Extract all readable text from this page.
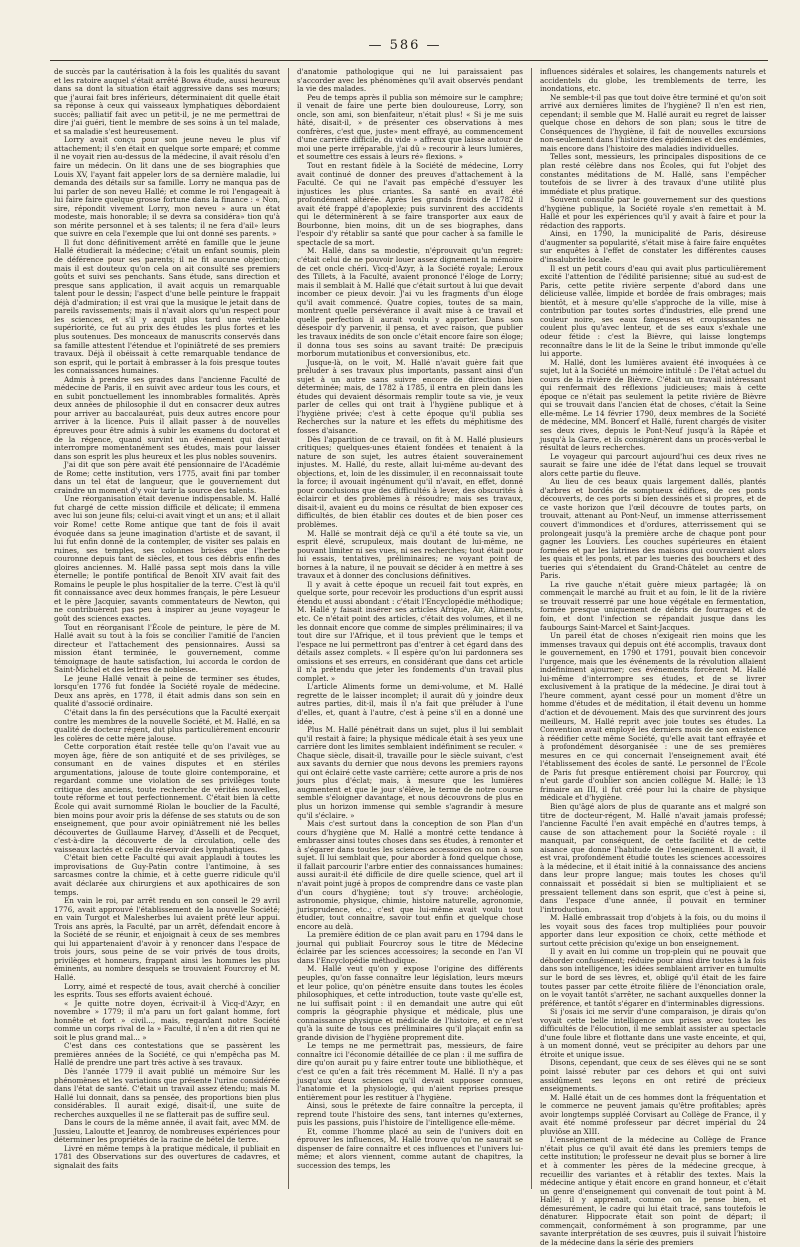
— 586 —

de succès par la cautérisation à la fois les qualités du savant et les ratoire auquel s'était arrêté Bowa étude, aussi heureux dans sa dont la situation était aggressive dans ses mœurs; que j'aurai fait bres inférieurs, déterminaient dit quelle était sa réponse à ceux qui vaisseaux lymphatiques débordaient succès; palliatif fait avec un petit-il, je ne me permettrai de dire j'ai guéri, tient le membre de ses soins à un tel malade, et sa maladie s'est heureusement.

Lorry avait conçu pour son jeune neveu le plus vif attachement; il s'en était en quelque sorte emparé; et comme il ne voyait rien au-dessus de la médecine, il avait résolu d'en faire un médecin. On lit dans une de ses biographies que Louis XV, l'ayant fait appeler lors de sa dernière maladie, lui demanda des détails sur sa famille. Lorry ne manqua pas de lui parler de son neveu Hallé; et comme le roi l'engageait à lui faire faire quelque grosse fortune dans la finance : « Non, sire, répondit vivement Lorry, mon neveu » aura un état modeste, mais honorable; il se devra sa considéra» tion qu'à son mérite personnel et à ses talents; il ne fera d'ail» leurs que suivre en cela l'exemple que lui ont donné ses parents. »

Il fut donc définitivement arrêté en famille que le jeune Hallé étudierait la médecine; c'était un enfant soumis, plein de déférence pour ses parents; il ne fit aucune objection; mais il est douteux qu'on cela on ait consulté ses premiers goûts et suivi ses penchants. Sans étude, sans direction et presque sans application, il avait acquis un remarquable talent pour le dessin; l'aspect d'une belle peinture le frappait déjà d'admiration; il est vrai que la musique le jetait dans de pareils ravissements; mais il n'avait alors qu'un respect pour les sciences, et s'il y acquit plus tard une véritable supériorité, ce fut au prix des études les plus fortes et les plus soutenues. Des monceaux de manuscrits conservés dans sa famille attestent l'étendue et l'opiniâtreté de ses premiers travaux. Déjà il obéissait à cette remarquable tendance de son esprit, qui le portait à embrasser à la fois presque toutes les connaissances humaines.

Admis à prendre ses grades dans l'ancienne Faculté de médecine de Paris, il en suivit avec ardeur tous les cours, et en subit ponctuellement les innombrables formalités. Après deux années de philosophie il dut en consacrer deux autres pour arriver au baccalauréat, puis deux autres encore pour arriver à la licence. Puis il allait passer à de nouvelles épreuves pour être admis à subir les examens du doctorat et de la régence, quand survint un événement qui devait interrompre momentanément ses études, mais pour laisser dans son esprit les plus heureux et les plus nobles souvenirs.

J'ai dit que son père avait été pensionnaire de l'Académie de Rome; cette institution, vers 1775, avait fini par tomber dans un tel état de langueur, que le gouvernement dut craindre un moment d'y voir tarir la source des talents.

Une réorganisation était devenue indispensable. M. Hallé fut chargé de cette mission difficile et délicate; il emmena avec lui son jeune fils; celui-ci avait vingt et un ans; et il allait voir Rome! cette Rome antique que tant de fois il avait évoquée dans sa jeune imagination d'artiste et de savant, il lui fut enfin donné de la contempler, de visiter ses palais en ruines, ses temples, ses colonnes brisées que l'herbe couronne depuis tant de siècles, et tous ces débris enfin des gloires anciennes. M. Hallé passa sept mois dans la ville éternelle; le pontife pontifical de Benoît XIV avait fait des Romains le peuple le plus hospitalier de la terre. C'est là qu'il fit connaissance avec deux hommes français, le père Lesueur et le père Jacquier, savants commentateurs de Newton, qui ne contribuèrent pas peu à inspirer au jeune voyageur le goût des sciences exactes.

Tout en réorganisant l'École de peinture, le père de M. Hallé avait su tout à la fois se concilier l'amitié de l'ancien directeur et l'attachement des pensionnaires. Aussi sa mission étant terminée, le gouvernement, comme témoignage de haute satisfaction, lui accorda le cordon de Saint-Michel et des lettres de noblesse.

Le jeune Hallé venait à peine de terminer ses études, lorsqu'en 1776 fut fondée la Société royale de médecine. Deux ans après, en 1778, il était admis dans son sein en qualité d'associé ordinaire.

C'était dans la fin des persécutions que la Faculté exerçait contre les membres de la nouvelle Société, et M. Hallé, en sa qualité de docteur régent, dut plus particulièrement encourir les colères de cette mère jalouse.

Cette corporation était restée telle qu'on l'avait vue au moyen âge, fière de son antiquité et de ses privilèges, se consumant en de vaines disputes et en stériles argumentations, jalouse de toute gloire contemporaine, et regardant comme une violation de ses privilèges toute critique des anciens, toute recherche de vérités nouvelles, toute réforme et tout perfectionnement. C'était bien là cette École qui avait surnommé Riolan le bouclier de la Faculté, bien moins pour avoir pris la défense de ses statuts ou de son enseignement, que pour avoir opiniâtrement nié les belles découvertes de Guillaume Harvey, d'Asselli et de Pecquet, c'est-à-dire la découverte de la circulation, celle des vaisseaux lactés et celle du réservoir des lymphatiques.

C'était bien cette Faculté qui avait applaudi à toutes les improvisations de Guy-Patin contre l'antimoine, à ses sarcasmes contre la chimie, et à cette guerre ridicule qu'il avait déclarée aux chirurgiens et aux apothicaires de son temps.

En vain le roi, par arrêt rendu en son conseil le 29 avril 1776, avait approuvé l'établissement de la nouvelle Société; en vain Turgot et Malesherbes lui avaient prêté leur appui. Trois ans après, la Faculté, par un arrêt, défendait encore à la Société de se réunir, et enjoignait à ceux de ses membres qui lui appartenaient d'avoir à y renoncer dans l'espace de trois jours, sous peine de se voir privés de tous droits, privilèges et honneurs, frappant ainsi les hommes les plus éminents, au nombre desquels se trouvaient Fourcroy et M. Hallé.

Lorry, aimé et respecté de tous, avait cherché à concilier les esprits. Tous ses efforts avaient échoué.

« Je quitte notre doyen, écrivait-il à Vicq-d'Azyr, en novembre » 1779; il m'a paru un fort galant homme, fort honnête et fort » civil..., mais, regardant notre Société comme un corps rival de la » Faculté, il n'en a dit rien qui ne soit le plus grand mal... »

C'est dans ces contestations que se passèrent les premières années de la Société, ce qui n'empêcha pas M. Hallé de prendre une part très active à ses travaux.

Dès l'année 1779 il avait publié un mémoire Sur les phénomènes et les variations que présente l'urine considérée dans l'état de santé. C'était un travail assez étendu; mais M. Hallé lui donnait, dans sa pensée, des proportions bien plus considérables. Il aurait exigé, disait-il, une suite de recherches auxquelles il ne se flatterait pas de suffire seul.

Dans le cours de la même année, il avait fait, avec MM. de Jussieu, Laloutte et Jeanroy, de nombreuses expériences pour déterminer les propriétés de la racine de bétel de terre.

Livré en même temps à la pratique médicale, il publiait en 1781 des Observations sur des ouvertures de cadavres, et signalait des faits

d'anatomie pathologique qui ne lui paraissaient pas s'accorder avec les phénomènes qu'il avait observés pendant la vie des malades.

Peu de temps après il publia son mémoire sur le camphre; il venait de faire une perte bien douloureuse, Lorry, son oncle, son ami, son bienfaiteur, n'était plus! « Si je me suis hâté, disait-il, » de présenter ces observations à mes confrères, c'est que, juste» ment effrayé, au commencement d'une carrière difficile, du vide » affreux que laisse autour de moi une perte irréparable, j'ai dû » recourir à leurs lumières, et soumettre ces essais à leurs ré» flexions. »

Tout en restant fidèle à la Société de médecine, Lorry avait continué de donner des preuves d'attachement à la Faculté. Ce qui ne l'avait pas empêché d'essuyer les injustices les plus criantes. Sa santé en avait été profondément altérée. Après les grands froids de 1782 il avait été frappé d'apoplexie; puis survinrent des accidents qui le déterminèrent à se faire transporter aux eaux de Bourbonne, bien moins, dit un de ses biographes, dans l'espoir d'y rétablir sa santé que pour cacher à sa famille le spectacle de sa mort.

M. Hallé, dans sa modestie, n'éprouvait qu'un regret: c'était celui de ne pouvoir louer assez dignement la mémoire de cet oncle chéri. Vicq-d'Azyr, à la Société royale; Leroux des Tillets, à la Faculté, avaient prononcé l'éloge de Lorry; mais il semblait à M. Hallé que c'était surtout à lui que devait incomber ce pieux devoir. J'ai vu les fragments d'un éloge qu'il avait commencé. Quatre copies, toutes de sa main, montrent quelle persévérance il avait mise à ce travail et quelle perfection il aurait voulu y apporter. Dans son désespoir d'y parvenir, il pensa, et avec raison, que publier les travaux inédits de son oncle c'était encore faire son éloge; il donna tous ses soins au savant traité: De præcipuis morborum mutationibus et conversionibus, etc.

Jusque-là, on le voit, M. Hallé n'avait guère fait que préluder à ses travaux plus importants, passant ainsi d'un sujet à un autre sans suivre encore de direction bien déterminée; mais, de 1782 à 1785, il entra en plein dans les études qui devaient désormais remplir toute sa vie, je veux parler de celles qui ont trait à l'hygiène publique et à l'hygiène privée; c'est à cette époque qu'il publia ses Recherches sur la nature et les effets du méphitisme des fosses d'aisance.

Dès l'apparition de ce travail, on fit à M. Hallé plusieurs critiques; quelques-unes étaient fondées et tenaient à la nature de son sujet, les autres étaient souverainement injustes. M. Hallé, du reste, allait lui-même au-devant des objections, et, loin de les dissimuler, il en reconnaissait toute la force; il avouait ingénument qu'il n'avait, en effet, donné pour conclusions que des difficultés à lever, des obscurités à éclaircir et des problèmes à résoudre; mais ses travaux, disait-il, avaient eu du moins ce résultat de bien exposer ces difficultés, de bien établir ces doutes et de bien poser ces problèmes.

M. Hallé se montrait déjà ce qu'il a été toute sa vie, un esprit élevé, scrupuleux, mais doutant de lui-même, ne pouvant limiter ni ses vues, ni ses recherches; tout était pour lui essais, tentatives, préliminaires; ne voyant point de bornes à la nature, il ne pouvait se décider à en mettre à ses travaux et à donner des conclusions définitives.

Il y avait à cette époque un recueil fait tout exprès, en quelque sorte, pour recevoir les productions d'un esprit aussi étendu et aussi abondant : c'était l'Encyclopédie méthodique; M. Hallé y faisait insérer ses articles Afrique, Air, Aliments, etc. Ce n'était point des articles, c'était des volumes, et il ne les donnait encore que comme de simples préliminaires; il va tout dire sur l'Afrique, et il tous prévient que le temps et l'espace ne lui permettront pas d'entrer à cet égard dans des détails assez complets. « Il espère qu'on lui pardonnera ses omissions et ses erreurs, en considérant que dans cet article il n'a prétendu que jeter les fondements d'un travail plus complet. »

L'article Aliments forme un demi-volume, et M. Hallé regrette de le laisser incomplet; il aurait dû y joindre deux autres parties, dit-il, mais il n'a fait que préluder à l'une d'elles, et, quant à l'autre, c'est à peine s'il en a donné une idée.

Plus M. Hallé pénétrait dans un sujet, plus il lui semblait qu'il restait à faire; la physique médicale était à ses yeux une carrière dont les limites semblaient indéfiniment se reculer. « Chaque siècle, disait-il, travaille pour le siècle suivant, c'est aux savants du dernier que nous devons les premiers rayons qui ont éclairé cette vaste carrière; cette aurore a pris de nos jours plus d'éclat; mais, à mesure que les lumières augmentent et que le jour s'élève, le terme de notre course semble s'éloigner davantage, et nous découvrons de plus en plus un horizon immense qui semble s'agrandir à mesure qu'il s'éclaire. »

Mais c'est surtout dans la conception de son Plan d'un cours d'hygiène que M. Hallé a montré cette tendance à embrasser ainsi toutes choses dans ses études, à remonter et à s'égarer dans toutes les sciences accessoires ou non à son sujet. Il lui semblait que, pour aborder à fond quelque chose, il fallait parcourir l'arbre entier des connaissances humaines: aussi aurait-il été difficile de dire quelle science, quel art il n'avait point jugé à propos de comprendre dans ce vaste plan d'un cours d'hygiène; tout s'y trouve: archéologie, astronomie, physique, chimie, histoire naturelle, agronomie, jurisprudence, etc.; c'est que lui-même avait voulu tout étudier, tout connaître, savoir tout enfin et quelque chose encore au delà.

La première édition de ce plan avait paru en 1794 dans le journal qui publiait Fourcroy sous le titre de Médecine éclairée par les sciences accessoires; la seconde en l'an VI dans l'Encyclopédie méthodique.

M. Hallé veut qu'on y expose l'origine des différents peuples, qu'on fasse connaître leur législation, leurs mœurs et leur police, qu'on pénètre ensuite dans toutes les écoles philosophiques, et cette introduction, toute vaste qu'elle est, ne lui suffisait point : il en demandait une autre qui eût compris la géographie physique et médicale, plus une connaissance physique et médicale de l'histoire, et ce n'est qu'à la suite de tous ces préliminaires qu'il plaçait enfin sa grande division de l'hygiène proprement dite.

Le temps ne me permettrait pas, messieurs, de faire connaître ici l'économie détaillée de ce plan : il me suffira de dire qu'on aurait pu y faire entrer toute une bibliothèque, et c'est ce qu'en a fait très récemment M. Hallé. Il n'y a pas jusqu'aux deux sciences qu'il devait supposer connues, l'anatomie et la physiologie, qui n'aient reprises presque entièrement pour les restituer à l'hygiène.

Ainsi, sous le prétexte de faire connaître la percepta, il reprend toute l'histoire des sens, tant internes qu'externes, puis les passions, puis l'histoire de l'intelligence elle-même.

Et, comme l'homme placé au sein de l'univers doit en éprouver les influences, M. Hallé trouve qu'on ne saurait se dispenser de faire connaître et ces influences et l'univers lui-même; et alors viennent, comme autant de chapitres, la succession des temps, les

influences sidérales et solaires, les changements naturels et accidentels du globe, les tremblements de terre, les inondations, etc.

Ne semble-t-il pas que tout doive être terminé et qu'on soit arrivé aux dernières limites de l'hygiène? Il n'en est rien, cependant; il semble que M. Hallé aurait eu regret de laisser quelque chose en dehors de son plan; sous le titre de Conséquences de l'hygiène, il fait de nouvelles excursions non-seulement dans l'histoire des épidémies et des endémies, mais encore dans l'histoire des maladies individuelles.

Telles sont, messieurs, les principales dispositions de ce plan resté célèbre dans nos Écoles, qui fut l'objet des constantes méditations de M. Hallé, sans l'empêcher toutefois de se livrer à des travaux d'une utilité plus immédiate et plus pratique.

Souvent consulté par le gouvernement sur des questions d'hygiène publique, la Société royale s'en remettait à M. Hallé et pour les expériences qu'il y avait à faire et pour la rédaction des rapports.

Ainsi, en 1790, la municipalité de Paris, désireuse d'augmenter sa popularité, s'était mise à faire faire enquêtes sur enquêtes à l'effet de constater les différentes causes d'insalubrité locale.

Il est un petit cours d'eau qui avait plus particulièrement excité l'attention de l'édilité parisienne; situé au sud-est de Paris, cette petite rivière serpente d'abord dans une délicieuse vallée, limpide et bordée de frais ombrages; mais bientôt, et à mesure qu'elle s'approche de la ville, mise à contribution par toutes sortes d'industries, elle prend une couleur noire, ses eaux fangeuses et croupissantes ne coulent plus qu'avec lenteur, et de ses eaux s'exhale une odeur fétide : c'est la Bièvre, qui laisse longtemps reconnaître dans le lit de la Seine le tribut immonde qu'elle lui apporte.

M. Hallé, dont les lumières avaient été invoquées à ce sujet, lut à la Société un mémoire intitulé : De l'état actuel du cours de la rivière de Bièvre. C'était un travail intéressant qui renfermait des réflexions judicieuses; mais à cette époque ce n'était pas seulement la petite rivière de Bièvre qui se trouvait dans l'ancien état de choses, c'était la Seine elle-même. Le 14 février 1790, deux membres de la Société de médecine, MM. Boncerf et Hallé, furent chargés de visiter ses deux rives, depuis le Pont-Neuf jusqu'à la Râpée et jusqu'à la Garre, et ils consignèrent dans un procès-verbal le résultat de leurs recherches.

Le voyageur qui parcourt aujourd'hui ces deux rives ne saurait se faire une idée de l'état dans lequel se trouvait alors cette partie du fleuve.

Au lieu de ces beaux quais largement dallés, plantés d'arbres et bordés de somptueux édifices, de ces ponts découverts, de ces ports si bien dessinés et si propres, et de ce vaste horizon que l'œil découvre de toutes parts, on trouvait, attenant au Pont-Neuf, un immense atterrissement couvert d'immondices et d'ordures, atterrissement qui se prolongeait jusqu'à la première arche de chaque pont pour gagner les Louviers. Les couches supérieures en étaient formées et par les latrines des maisons qui couvraient alors les quais et les ponts, et par les tueries des bouchers et des tueries qui s'étendaient du Grand-Châtelet au centre de Paris.

La rive gauche n'était guère mieux partagée; là on commençait le marché au fruit et au foin, le lit de la rivière se trouvait resserré par une houe végétale en fermentation, formée presque uniquement de débris de fourrages et de foin, et dont l'infection se répandait jusque dans les faubourgs Saint-Marcel et Saint-Jacques.

Un pareil état de choses n'exigeait rien moins que les immenses travaux qui depuis ont été accomplis, travaux dont le gouvernement, en 1790 et 1791, pouvait bien concevoir l'urgence, mais que les événements de la révolution allaient indéfiniment ajourner; ces événements forcèrent M. Hallé lui-même d'interrompre ses études, et de se livrer exclusivement à la pratique de la médecine. Je dirai tout à l'heure comment, ayant cessé pour un moment d'être un homme d'études et de méditation, il était devenu un homme d'action et de dévouement. Mais des que survinrent des jours meilleurs, M. Hallé reprit avec joie toutes ses études. La Convention avait employé les derniers mois de son existence à réédifier cette même Société, qu'elle avait tant effrayée et à profondément désorganisée : une de ses premières mesures en ce qui concernait l'enseignement avait été l'établissement des écoles de santé. Le personnel de l'École de Paris fut presque entièrement choisi par Fourcroy, qui n'eut garde d'oublier son ancien collègue M. Hallé; le 13 frimaire an III, il fut créé pour lui la chaire de physique médicale et d'hygiène.

Bien qu'âgé alors de plus de quarante ans et malgré son titre de docteur-régent, M. Hallé n'avait jamais professé; l'ancienne Faculté l'en avait empêché en d'autres temps, à cause de son attachement pour la Société royale : il manquait, par conséquent, de cette facilité et de cette aisance que donne l'habitude de l'enseignement. Il avait, il est vrai, profondément étudié toutes les sciences accessoires à la médecine, et il était initié à la connaissance des anciens dans leur propre langue; mais toutes les choses qu'il connaissait et possédait si bien se multipliaient et se pressaient tellement dans son esprit, que c'est à peine si, dans l'espace d'une année, il pouvait en terminer l'introduction.

M. Hallé embrassait trop d'objets à la fois, ou du moins il les voyait sous des faces trop multipliées pour pouvoir apporter dans leur exposition ce choix, cette méthode et surtout cette précision qu'exige un bon enseignement.

Il y avait en lui comme un trop-plein qui ne pouvait que déborder confusément; réduire pour ainsi dire toutes à la fois dans son intelligence, les idées semblaient arriver en tumulte sur le bord de ses lèvres, et, obligé qu'il était de les faire toutes passer par cette étroite filière de l'énonciation orale, on le voyait tantôt s'arrêter, ne sachant auxquelles donner la préférence, et tantôt s'égarer en d'interminables digressions.

Si j'osais ici me servir d'une comparaison, je dirais qu'on voyait cette belle intelligence aux prises avec toutes les difficultés de l'élocution, il me semblait assister au spectacle d'une foule libre et flottante dans une vaste enceinte, et qui, à un moment donné, veut se précipiter au dehors par une étroite et unique issue.

Disons, cependant, que ceux de ses élèves qui ne se sont point laissé rebuter par ces dehors et qui ont suivi assidûment ses leçons en ont retiré de précieux enseignements.

M. Hallé était un de ces hommes dont la fréquentation et le commerce ne peuvent jamais qu'être profitables; après avoir longtemps suppléé Corvisart au Collège de France, il y avait été nommé professeur par décret impérial du 24 pluviôse an XIII.

L'enseignement de la médecine au Collège de France n'était plus ce qu'il avait été dans les premiers temps de cette institution; le professeur ne devait plus se borner à lire et à commenter les pères de la médecine grecque, à recueillir des variantes et à rétablir des textes. Mais la médecine antique y était encore en grand honneur, et c'était un genre d'enseignement qui convenait de tout point à M. Hallé; il y apprenait, comme on le pense bien, et démesurément, le cadre qui lui était tracé, sans toutefois le dénaturer. Hippocrate était son point de départ; il commençait, conformément à son programme, par une savante interprétation de ses œuvres, puis il suivait l'histoire de la médecine dans la série des premiers
